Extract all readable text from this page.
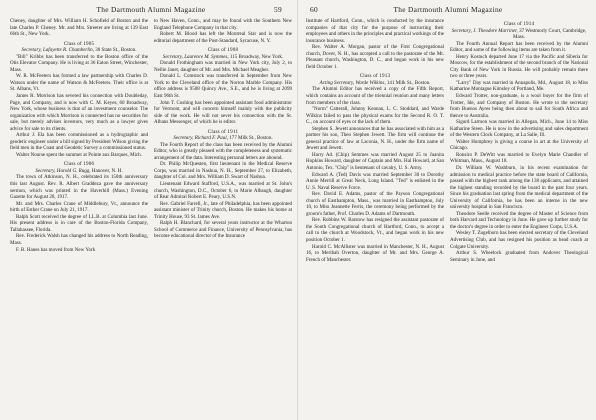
The Dartmouth Alumni Magazine	59

Cheney, daughter of Mrs. William H. Schofield of Boston and the late Charles P. Cheney. Mr. and Mrs. Streeter are living at 139 East 66th St., New York.

Class of 1905
Secretary, Lafayette R. Chamberlin, 30 State St., Boston.

"Bill" Kribbs has been transferred to the Boston office of the Otis Elevator Company. He is living at 36 Eaton Street, Winchester, Mass.

W. R. McFeeters has formed a law partnership with Charles D. Watson under the name of Watson & McFeeters. Their office is at St. Albans, Vt.

James R. Morrison has severed his connection with Doubleday, Page, and Company, and is now with C. M. Keyes, 60 Broadway, New York, whose business is that of an investment counselor. The organization with which Morrison is connected has no securities for sale, but merely advises investors, very much as a lawyer gives advice for sale to its clients.

Arthur J. Ela has been commissioned as a hydrographic and geodetic engineer under a bill signed by President Wilson giving the field men in the Coast and Geodetic Survey a commissioned status.

Walter Nourse spent the summer at Pointe aux Barques, Mich.

Class of 1906
Secretary, Harold G. Rugg, Hanover, N. H.

The town of Atkinson, N. H., celebrated its 150th anniversary this last August. Rev. R. Albert Graddeza gave the anniversary sermon, which was printed in the Haverhill (Mass.) Evening Gazette for August 28, 1917.

Mr. and Mrs. Charles Crane of Middlebury, Vt., announce the birth of Esther Crane on July 21, 1917.

Ralph Scott received the degree of LL.B. at Columbia last June. His present address is in care of the Boston-Florida Company, Tallahassee, Florida.

Rev. Frederick Walsh has changed his address to North Reading, Mass.

F. B. Hanes has moved from New York

to New Haven, Conn., and may be found with the Southern New England Telephone Company in that city.

Robert M. Blood has left the Montreal Star and is now the editorial department of the Post-Standard, Syracuse, N. Y.

Class of 1908
Secretary, Laurence M. Symmes, 115 Broadway, New York.

Donald Frothingham was married in New York city, July 2, to Nellie Janet, daughter of Mr. and Mrs. Michael Meagher.

Donald L. Comstock was transferred in September from New York to the Cleveland office of the Norton Marble Company. His office address is 9508 Quincy Ave., S.E., and he is living at 2099 East 96th St.

John T. Cushing has been appointed assistant food administrator for Vermont, and will concern himself mainly with the publicity side of the work. He will not sever his connection with the St. Albans Messenger, of which he is editor.

Class of 1911
Secretary, Richard F. Paul, 177 Milk St., Boston.

The Fourth Report of the class has been received by the Alumni Editor, who is greatly pleased with the completeness and systematic arrangement of the data. Interesting personal letters are abound.

Dr. Philip McQuesten, first lieutenant in the Medical Reserve Corps, was married in Nashua, N. H., September 27, to Elizabeth, daughter of Col. and Mrs. William D. Swart of Nashua.

Lieutenant Edward Stafford, U.S.A., was married at St. John's church, Washington, D.C., October 6, to Marie Albaugh, daughter of Rear Admiral Robert E. Peary, U.S.N.

Rev. Gabriel Farrell, Jr., late of Philadelphia, has been appointed assistant minister of Trinity church, Boston. He makes his home at Trinity House, 93 St. James Ave.

Ralph H. Blanchard, for several years instructor at the Wharton School of Commerce and Finance, University of Pennsylvania, has become educational director of the Insurance

60	The Dartmouth Alumni Magazine

Institute of Hartford, Conn., which is conducted by the insurance companies of that city for the purpose of instructing their employees and others in the principles and practical workings of the insurance business.

Rev. Walter A. Morgan, pastor of the First Congregational church, Dover, N. H., has accepted a call to the pastorate of the Mt. Pleasant church, Washington, D. C., and began work in his new field October 1.

Class of 1913
Acting Secretary, Warde Wilkins, 141 Milk St., Boston.

The Alumni Editor has received a copy of the Fifth Report, which contains an account of the triennial reunion and many letters from members of the class.

"Norm" Catterall, Johnny Kennan, L. C. Stoddard, and Warde Wilkins failed to pass the physical exams for the Second R. O. T. C., on account of eyes or the lack of them.

Stephen S. Jewett announces that he has associated with him as a partner his son, Theo Stephen Jewett. The firm will continue the general practice of law at Laconia, N. H., under the firm name of Jewett and Jewett.

Harry Ad. (Chip) Semmes was married August 25 to Juanita Hopkins Howard, daughter of Captain and Mrs. Hal Howard, at San Antonio, Tex. "Chip" is lieutenant of cavalry, U. S. Army.

Edward A. (Ted) Davis was married September 30 to Dorothy Annie Merrill at Great Neck, Long Island. "Ted" is enlisted in the U. S. Naval Reserve Force.

Rev. David E. Adams, pastor of the Payson Congregational church of Easthampton, Mass., was married in Easthampton, July 10, to Miss Jeannette Ferris, the ceremony being performed by the groom's father, Prof. Charles D. Adams of Dartmouth.

Rev. Robbins W. Barstow has resigned the assistant pastorate of the South Congregational church of Hartford, Conn., to accept a call to the church at Woodstock, Vt., and began work in his new position October 1.

Harold C. McAllister was married in Manchester, N. H., August 16, to Meribah Overton, daughter of Mr. and Mrs. George A. French of Manchester.

Class of 1914
Secretary, J. Theodore Marriner, 37 Westmorly Court, Cambridge, Mass.

The Fourth Annual Report has been received by the Alumni Editor, and some of the following items are taken from it.

Henry Kostuch departed June 17 via the Pacific and Siberia for Moscow, for the establishment of the second branch of the National City Bank of New York in Russia. He will probably remain there two or three years.

"Larry" Day was married in Annapolis, Md., August 18, to Miss Katharine Montague Kimsley of Portland, Me.

Edward Trotter, non-graduate, is a wool buyer for the firm of Trotter, Ide, and Company of Boston. He wrote to the secretary from Buenos Ayres being then about to sail for South Africa and thence to Australia.

Sigurd Larmon was married in Allegan, Mich., June 14 to Miss Katharine Steen. He is now in the advertising and sales department of the Western Clock Company, at La Salle, Ill.

Walter Humphrey is giving a course in art at the University of Chicago.

Ronsiro P. DeWitt was married to Evelyn Marie Chandler of Whitman, Mass., August 18.

Dr. William W. Washburn, in his recent examination for admission to medical practice before the state board of California, passed with the highest rank among the 138 applicants, and attained the highest standing recorded by the board in the past four years. Since his graduation last spring from the medical department of the University of California, he has been an interne in the new university hospital in San Francisco.

Theodore Seelle received the degree of Master of Science from both Harvard and Technology in June. He gave up further study for the doctor's degree in order to enter the Engineer Corps, U.S.A.

Wesley T. Zugelhorn has been elected secretary of the Cleveland Advertising Club, and has resigned his position as head coach at Colgate University.

Arthur S. Wheelock graduated from Andover Theological Seminary in June, and
